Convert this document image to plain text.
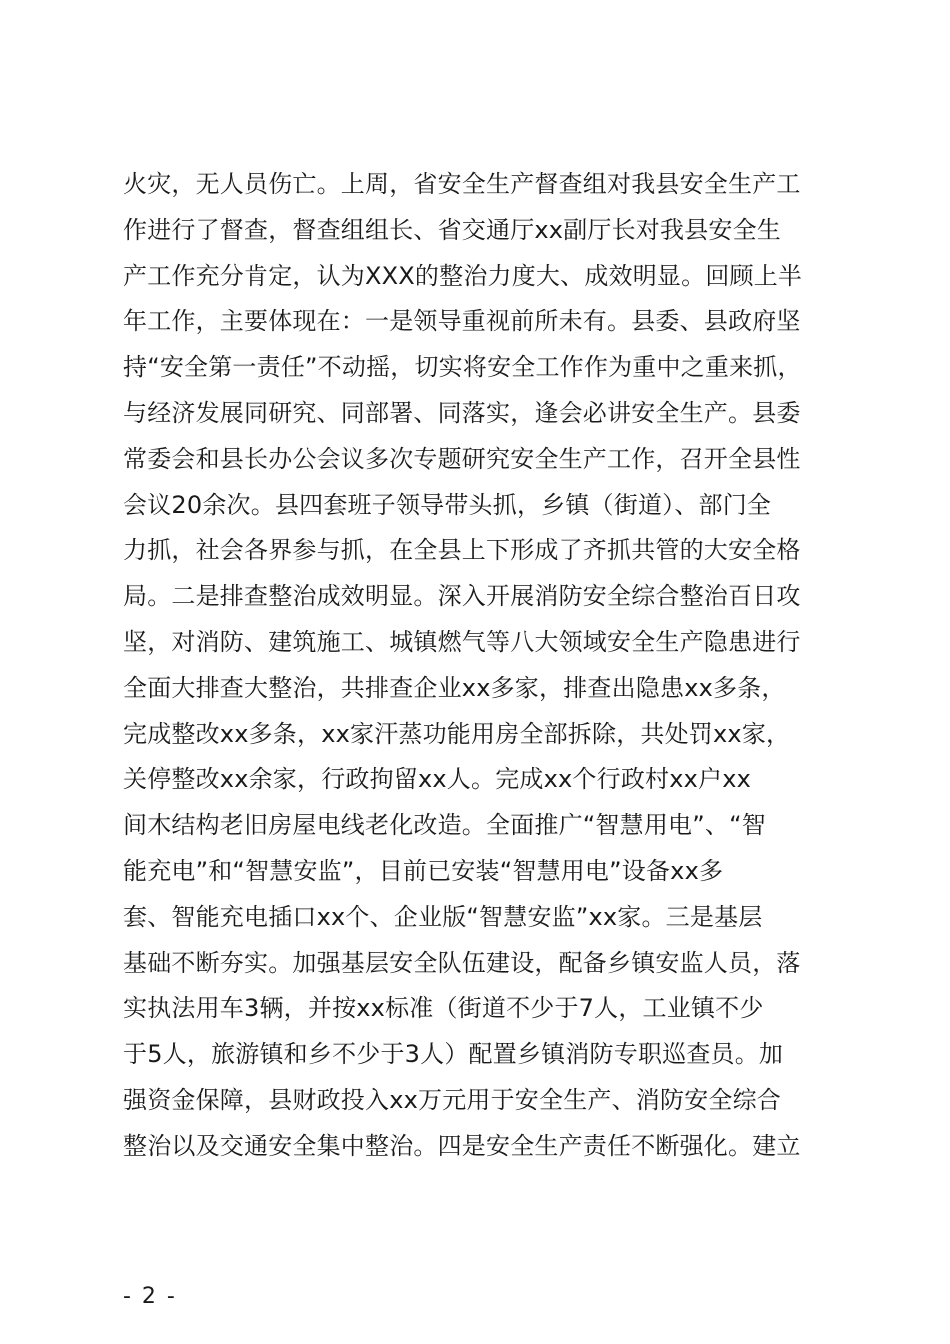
火灾，无人员伤亡。上周，省安全生产督查组对我县安全生产工
作进行了督查，督查组组长、省交通厅xx副厅长对我县安全生
产工作充分肯定，认为XXX的整治力度大、成效明显。回顾上半
年工作，主要体现在：一是领导重视前所未有。县委、县政府坚
持“安全第一责任”不动摇，切实将安全工作作为重中之重来抓，
与经济发展同研究、同部署、同落实，逢会必讲安全生产。县委
常委会和县长办公会议多次专题研究安全生产工作，召开全县性
会议20余次。县四套班子领导带头抓，乡镇（街道）、部门全
力抓，社会各界参与抓，在全县上下形成了齐抓共管的大安全格
局。二是排查整治成效明显。深入开展消防安全综合整治百日攻
坚，对消防、建筑施工、城镇燃气等八大领域安全生产隐患进行
全面大排查大整治，共排查企业xx多家，排查出隐患xx多条，
完成整改xx多条，xx家汗蒸功能用房全部拆除，共处罚xx家，
关停整改xx余家，行政拘留xx人。完成xx个行政村xx户xx
间木结构老旧房屋电线老化改造。全面推广“智慧用电”、“智
能充电”和“智慧安监”，目前已安装“智慧用电”设备xx多
套、智能充电插口xx个、企业版“智慧安监”xx家。三是基层
基础不断夯实。加强基层安全队伍建设，配备乡镇安监人员，落
实执法用车3辆，并按xx标准（街道不少于7人，工业镇不少
于5人，旅游镇和乡不少于3人）配置乡镇消防专职巡查员。加
强资金保障，县财政投入xx万元用于安全生产、消防安全综合
整治以及交通安全集中整治。四是安全生产责任不断强化。建立
- 2 -
